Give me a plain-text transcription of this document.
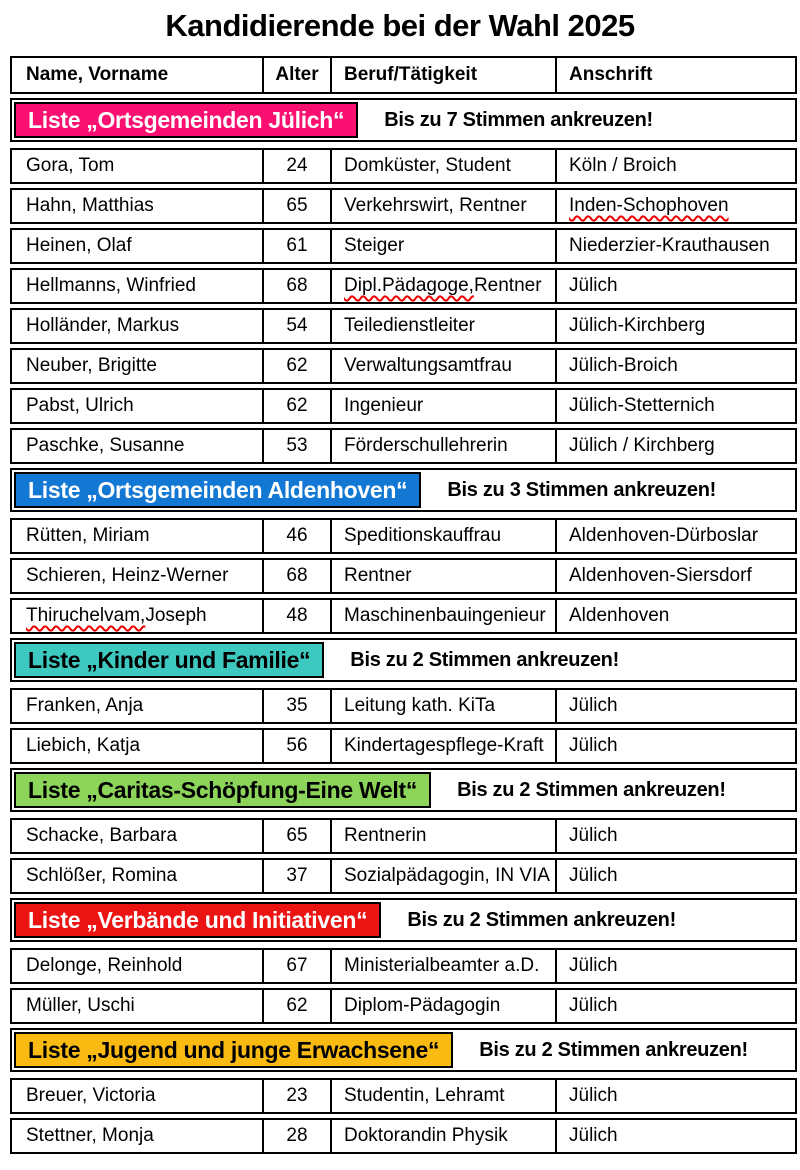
Kandidierende bei der Wahl 2025
Name, Vorname	Alter	Beruf/Tätigkeit	Anschrift
Liste „Ortsgemeinden Jülich“	Bis zu 7 Stimmen ankreuzen!
Gora, Tom	24	Domküster, Student	Köln / Broich
Hahn, Matthias	65	Verkehrswirt, Rentner	Inden-Schophoven
Heinen, Olaf	61	Steiger	Niederzier-Krauthausen
Hellmanns, Winfried	68	Dipl.Pädagoge, Rentner	Jülich
Holländer, Markus	54	Teiledienstleiter	Jülich-Kirchberg
Neuber, Brigitte	62	Verwaltungsamtfrau	Jülich-Broich
Pabst, Ulrich	62	Ingenieur	Jülich-Stetternich
Paschke, Susanne	53	Förderschullehrerin	Jülich / Kirchberg
Liste „Ortsgemeinden Aldenhoven“	Bis zu 3 Stimmen ankreuzen!
Rütten, Miriam	46	Speditionskauffrau	Aldenhoven-Dürboslar
Schieren, Heinz-Werner	68	Rentner	Aldenhoven-Siersdorf
Thiruchelvam, Joseph	48	Maschinenbauingenieur	Aldenhoven
Liste „Kinder und Familie“	Bis zu 2 Stimmen ankreuzen!
Franken, Anja	35	Leitung kath. KiTa	Jülich
Liebich, Katja	56	Kindertagespflege-Kraft	Jülich
Liste „Caritas-Schöpfung-Eine Welt“	Bis zu 2 Stimmen ankreuzen!
Schacke, Barbara	65	Rentnerin	Jülich
Schlößer, Romina	37	Sozialpädagogin, IN VIA	Jülich
Liste „Verbände und Initiativen“	Bis zu 2 Stimmen ankreuzen!
Delonge, Reinhold	67	Ministerialbeamter a.D.	Jülich
Müller, Uschi	62	Diplom-Pädagogin	Jülich
Liste „Jugend und junge Erwachsene“	Bis zu 2 Stimmen ankreuzen!
Breuer, Victoria	23	Studentin, Lehramt	Jülich
Stettner, Monja	28	Doktorandin Physik	Jülich
